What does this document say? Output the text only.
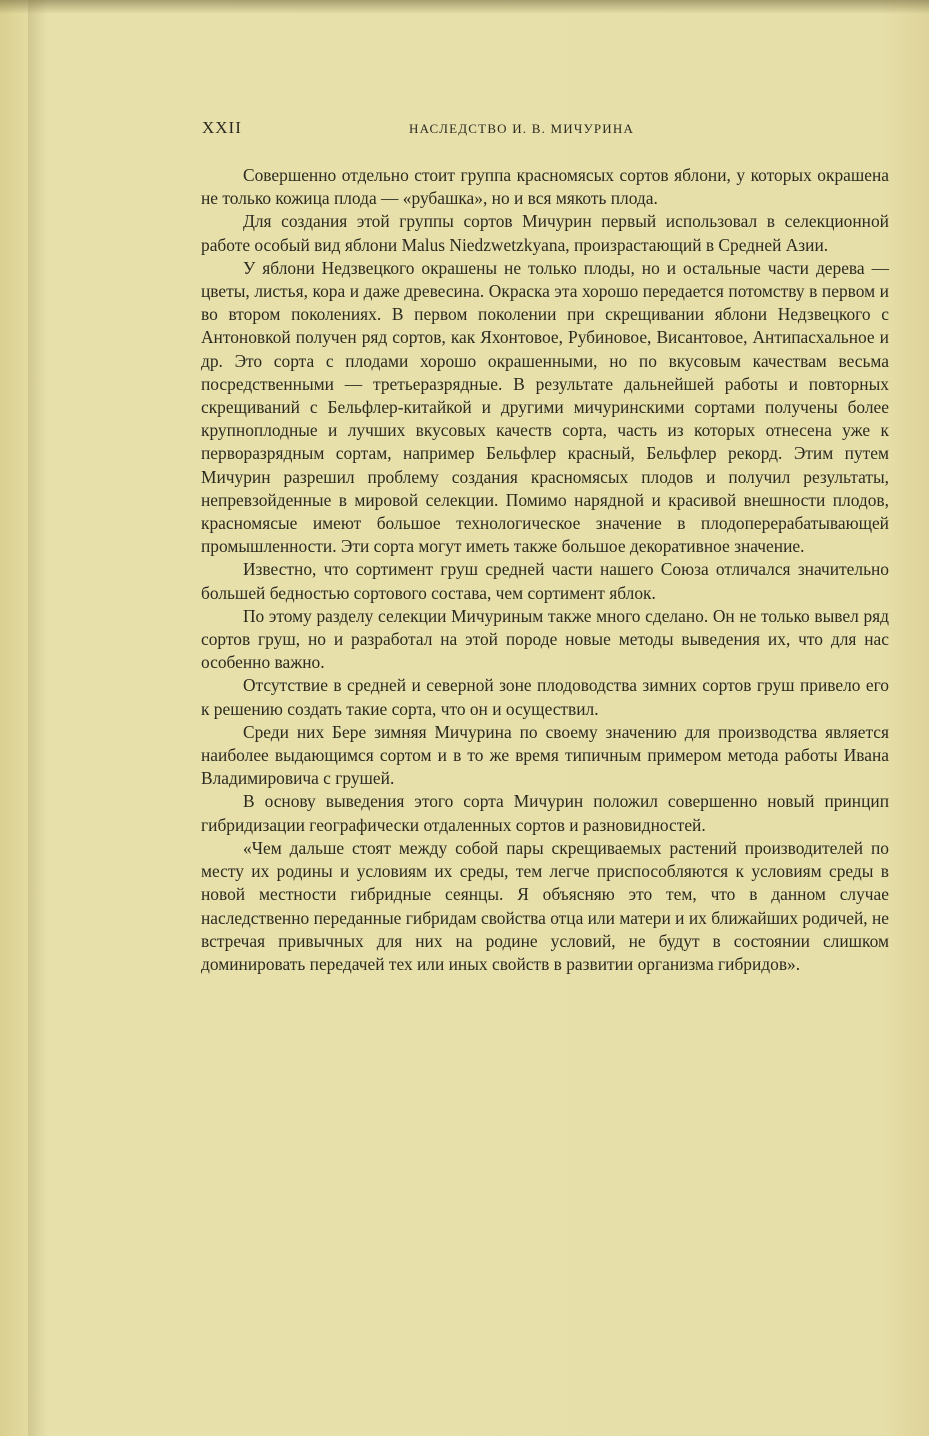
XXII	НАСЛЕДСТВО И. В. МИЧУРИНА

Совершенно отдельно стоит группа красномясых сортов яблони, у которых окрашена не только кожица плода — «рубашка», но и вся мякоть плода.

Для создания этой группы сортов Мичурин первый использовал в селекционной работе особый вид яблони Malus Niedzwetzkyana, произрастающий в Средней Азии.

У яблони Недзвецкого окрашены не только плоды, но и остальные части дерева — цветы, листья, кора и даже древесина. Окраска эта хорошо передается потомству в первом и во втором поколениях. В первом поколении при скрещивании яблони Недзвецкого с Антоновкой получен ряд сортов, как Яхонтовое, Рубиновое, Висантовое, Антипасхальное и др. Это сорта с плодами хорошо окрашенными, но по вкусовым качествам весьма посредственными — третьеразрядные. В результате дальнейшей работы и повторных скрещиваний с Бельфлер-китайкой и другими мичуринскими сортами получены более крупноплодные и лучших вкусовых качеств сорта, часть из которых отнесена уже к перворазрядным сортам, например Бельфлер красный, Бельфлер рекорд. Этим путем Мичурин разрешил проблему создания красномясых плодов и получил результаты, непревзойденные в мировой селекции. Помимо нарядной и красивой внешности плодов, красномясые имеют большое технологическое значение в плодоперерабатывающей промышленности. Эти сорта могут иметь также большое декоративное значение.

Известно, что сортимент груш средней части нашего Союза отличался значительно большей бедностью сортового состава, чем сортимент яблок.

По этому разделу селекции Мичуриным также много сделано. Он не только вывел ряд сортов груш, но и разработал на этой породе новые методы выведения их, что для нас особенно важно.

Отсутствие в средней и северной зоне плодоводства зимних сортов груш привело его к решению создать такие сорта, что он и осуществил.

Среди них Бере зимняя Мичурина по своему значению для производства является наиболее выдающимся сортом и в то же время типичным примером метода работы Ивана Владимировича с грушей.

В основу выведения этого сорта Мичурин положил совершенно новый принцип гибридизации географически отдаленных сортов и разновидностей.

«Чем дальше стоят между собой пары скрещиваемых растений производителей по месту их родины и условиям их среды, тем легче приспособляются к условиям среды в новой местности гибридные сеянцы. Я объясняю это тем, что в данном случае наследственно переданные гибридам свойства отца или матери и их ближайших родичей, не встречая привычных для них на родине условий, не будут в состоянии слишком доминировать передачей тех или иных свойств в развитии организма гибридов».
